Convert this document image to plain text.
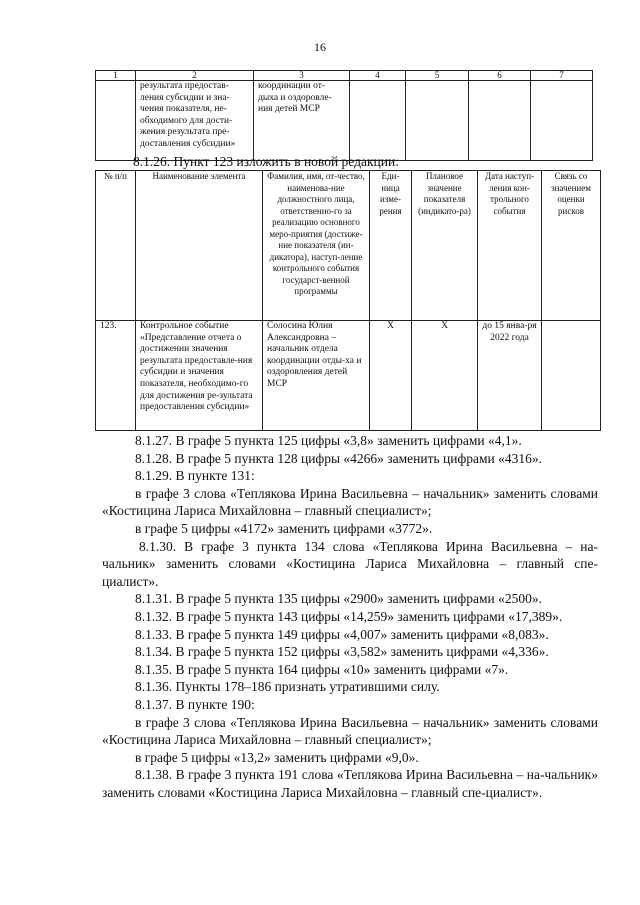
16
1	2	3	4	5	6	7
	результата предостав-ления субсидии и зна-чения показателя, не-обходимого для дости-жения результата пре-доставления субсидии»	координации от-дыха и оздоровле-ния детей МСР				
8.1.26. Пункт 123 изложить в новой редакции:
№ п/п	Наименование элемента	Фамилия, имя, от-чество, наименова-ние должностного лица, ответственно-го за реализацию основного меро-приятия (достиже-ние показателя (ин-дикатора), наступ-ление контрольного события государст-венной программы	Еди-ница изме-рения	Плановое значение показателя (индикато-ра)	Дата наступ-ления кон-трольного события	Связь со значением оценки рисков
123.	Контрольное событие «Представление отчета о достижении значения результата предоставле-ния субсидии и значения показателя, необходимо-го для достижения ре-зультата предоставления субсидии»	Солосина Юлия Александровна – начальник отдела координации отды-ха и оздоровления детей МСР	X	X	до 15 янва-ря 2022 года	

8.1.27. В графе 5 пункта 125 цифры «3,8» заменить цифрами «4,1».

8.1.28. В графе 5 пункта 128 цифры «4266» заменить цифрами «4316».

8.1.29. В пункте 131:

в графе 3 слова «Теплякова Ирина Васильевна – начальник» заменить словами «Костицина Лариса Михайловна – главный специалист»;

в графе 5 цифры «4172» заменить цифрами «3772».

8.1.30. В графе 3 пункта 134 слова «Теплякова Ирина Васильевна – на-чальник» заменить словами «Костицина Лариса Михайловна – главный спе-циалист».

8.1.31. В графе 5 пункта 135 цифры «2900» заменить цифрами «2500».

8.1.32. В графе 5 пункта 143 цифры «14,259» заменить цифрами «17,389».

8.1.33. В графе 5 пункта 149 цифры «4,007» заменить цифрами «8,083».

8.1.34. В графе 5 пункта 152 цифры «3,582» заменить цифрами «4,336».

8.1.35. В графе 5 пункта 164 цифры «10» заменить цифрами «7».

8.1.36. Пункты 178–186 признать утратившими силу.

8.1.37. В пункте 190:

в графе 3 слова «Теплякова Ирина Васильевна – начальник» заменить словами «Костицина Лариса Михайловна – главный специалист»;

в графе 5 цифры «13,2» заменить цифрами «9,0».

8.1.38. В графе 3 пункта 191 слова «Теплякова Ирина Васильевна – на-чальник» заменить словами «Костицина Лариса Михайловна – главный спе-циалист».
